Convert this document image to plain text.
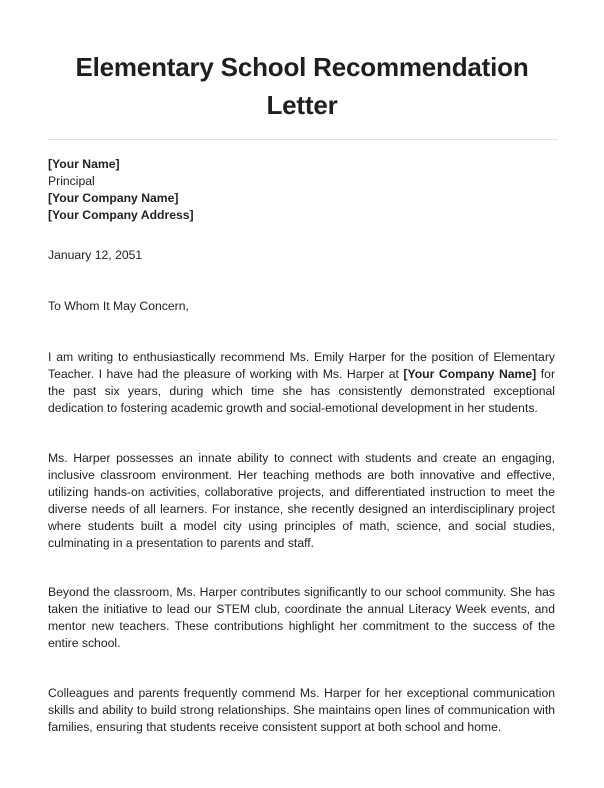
Elementary School Recommendation Letter
[Your Name]
Principal
[Your Company Name]
[Your Company Address]
January 12, 2051
To Whom It May Concern,

I am writing to enthusiastically recommend Ms. Emily Harper for the position of Elementary Teacher. I have had the pleasure of working with Ms. Harper at [Your Company Name] for the past six years, during which time she has consistently demonstrated exceptional dedication to fostering academic growth and social-emotional development in her students.

Ms. Harper possesses an innate ability to connect with students and create an engaging, inclusive classroom environment. Her teaching methods are both innovative and effective, utilizing hands-on activities, collaborative projects, and differentiated instruction to meet the diverse needs of all learners. For instance, she recently designed an interdisciplinary project where students built a model city using principles of math, science, and social studies, culminating in a presentation to parents and staff.

Beyond the classroom, Ms. Harper contributes significantly to our school community. She has taken the initiative to lead our STEM club, coordinate the annual Literacy Week events, and mentor new teachers. These contributions highlight her commitment to the success of the entire school.

Colleagues and parents frequently commend Ms. Harper for her exceptional communication skills and ability to build strong relationships. She maintains open lines of communication with families, ensuring that students receive consistent support at both school and home.
